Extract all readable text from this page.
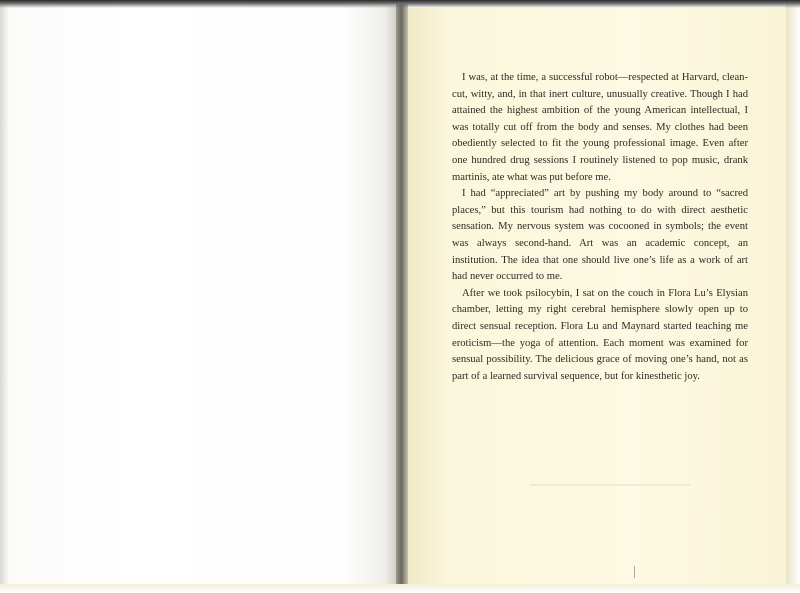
I was, at the time, a successful robot—respected at Harvard, clean-cut, witty, and, in that inert culture, unusually creative. Though I had attained the highest ambition of the young American intellectual, I was totally cut off from the body and senses. My clothes had been obediently selected to fit the young professional image. Even after one hundred drug sessions I routinely listened to pop music, drank martinis, ate what was put before me.

I had “appreciated” art by pushing my body around to “sacred places,” but this tourism had nothing to do with direct aesthetic sensation. My nervous system was cocooned in symbols; the event was always second-hand. Art was an academic concept, an institution. The idea that one should live one’s life as a work of art had never occurred to me.

After we took psilocybin, I sat on the couch in Flora Lu’s Elysian chamber, letting my right cerebral hemisphere slowly open up to direct sensual reception. Flora Lu and Maynard started teaching me eroticism—the yoga of attention. Each moment was examined for sensual possibility. The delicious grace of moving one’s hand, not as part of a learned survival sequence, but for kinesthetic joy.
